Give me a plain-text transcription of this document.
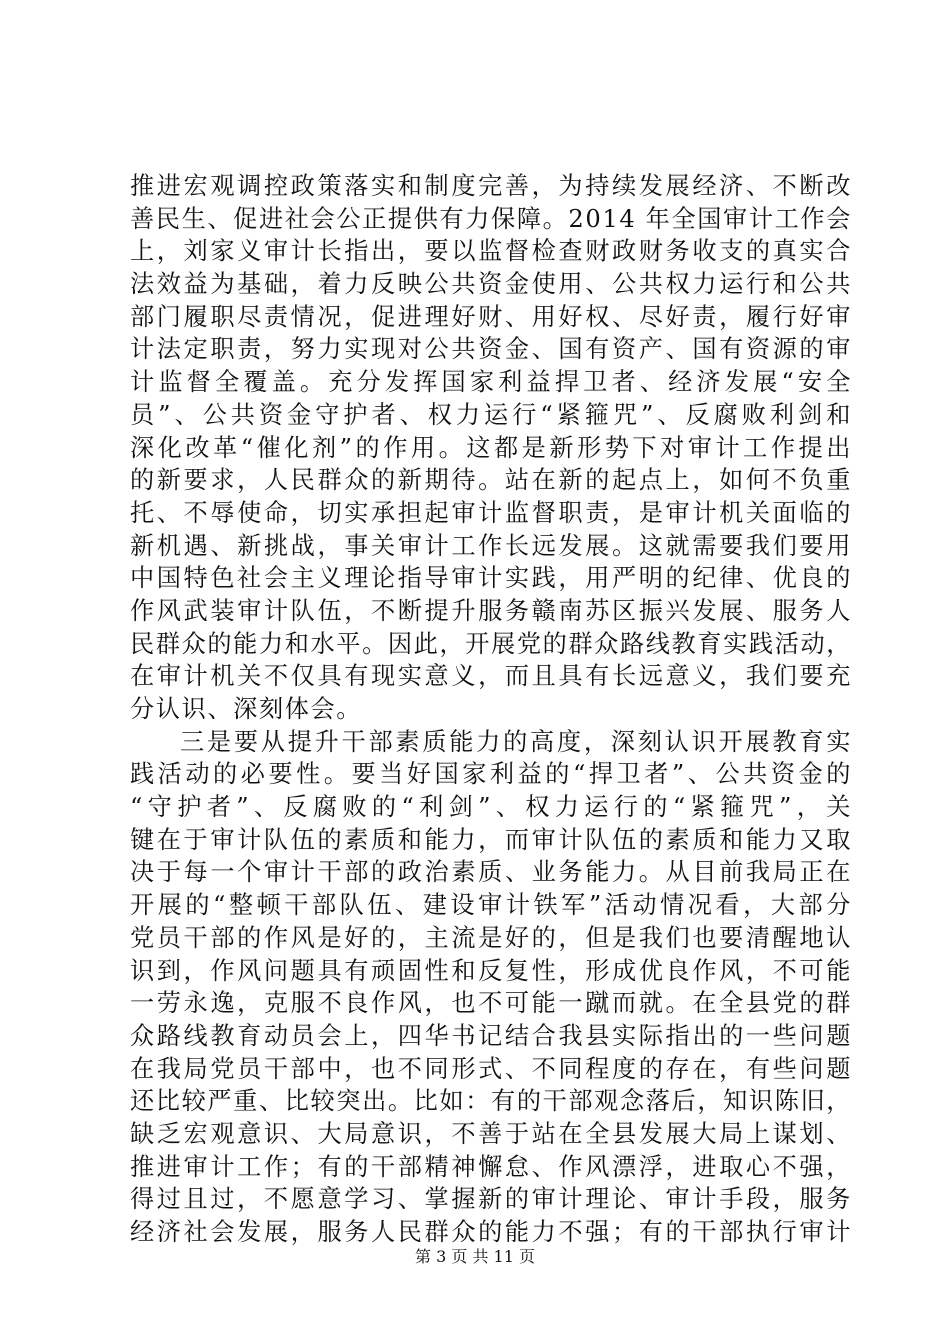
推进宏观调控政策落实和制度完善，为持续发展经济、不断改
善民生、促进社会公正提供有力保障。2014 年全国审计工作会
上，刘家义审计长指出，要以监督检查财政财务收支的真实合
法效益为基础，着力反映公共资金使用、公共权力运行和公共
部门履职尽责情况，促进理好财、用好权、尽好责，履行好审
计法定职责，努力实现对公共资金、国有资产、国有资源的审
计监督全覆盖。充分发挥国家利益捍卫者、经济发展“安全
员”、公共资金守护者、权力运行“紧箍咒”、反腐败利剑和
深化改革“催化剂”的作用。这都是新形势下对审计工作提出
的新要求，人民群众的新期待。站在新的起点上，如何不负重
托、不辱使命，切实承担起审计监督职责，是审计机关面临的
新机遇、新挑战，事关审计工作长远发展。这就需要我们要用
中国特色社会主义理论指导审计实践，用严明的纪律、优良的
作风武装审计队伍，不断提升服务赣南苏区振兴发展、服务人
民群众的能力和水平。因此，开展党的群众路线教育实践活动，
在审计机关不仅具有现实意义，而且具有长远意义，我们要充
分认识、深刻体会。
三是要从提升干部素质能力的高度，深刻认识开展教育实
践活动的必要性。要当好国家利益的“捍卫者”、公共资金的
“守护者”、反腐败的“利剑”、权力运行的“紧箍咒”，关
键在于审计队伍的素质和能力，而审计队伍的素质和能力又取
决于每一个审计干部的政治素质、业务能力。从目前我局正在
开展的“整顿干部队伍、建设审计铁军”活动情况看，大部分
党员干部的作风是好的，主流是好的，但是我们也要清醒地认
识到，作风问题具有顽固性和反复性，形成优良作风，不可能
一劳永逸，克服不良作风，也不可能一蹴而就。在全县党的群
众路线教育动员会上，四华书记结合我县实际指出的一些问题
在我局党员干部中，也不同形式、不同程度的存在，有些问题
还比较严重、比较突出。比如：有的干部观念落后，知识陈旧，
缺乏宏观意识、大局意识，不善于站在全县发展大局上谋划、
推进审计工作；有的干部精神懈怠、作风漂浮，进取心不强，
得过且过，不愿意学习、掌握新的审计理论、审计手段，服务
经济社会发展，服务人民群众的能力不强；有的干部执行审计
第 3 页 共 11 页
